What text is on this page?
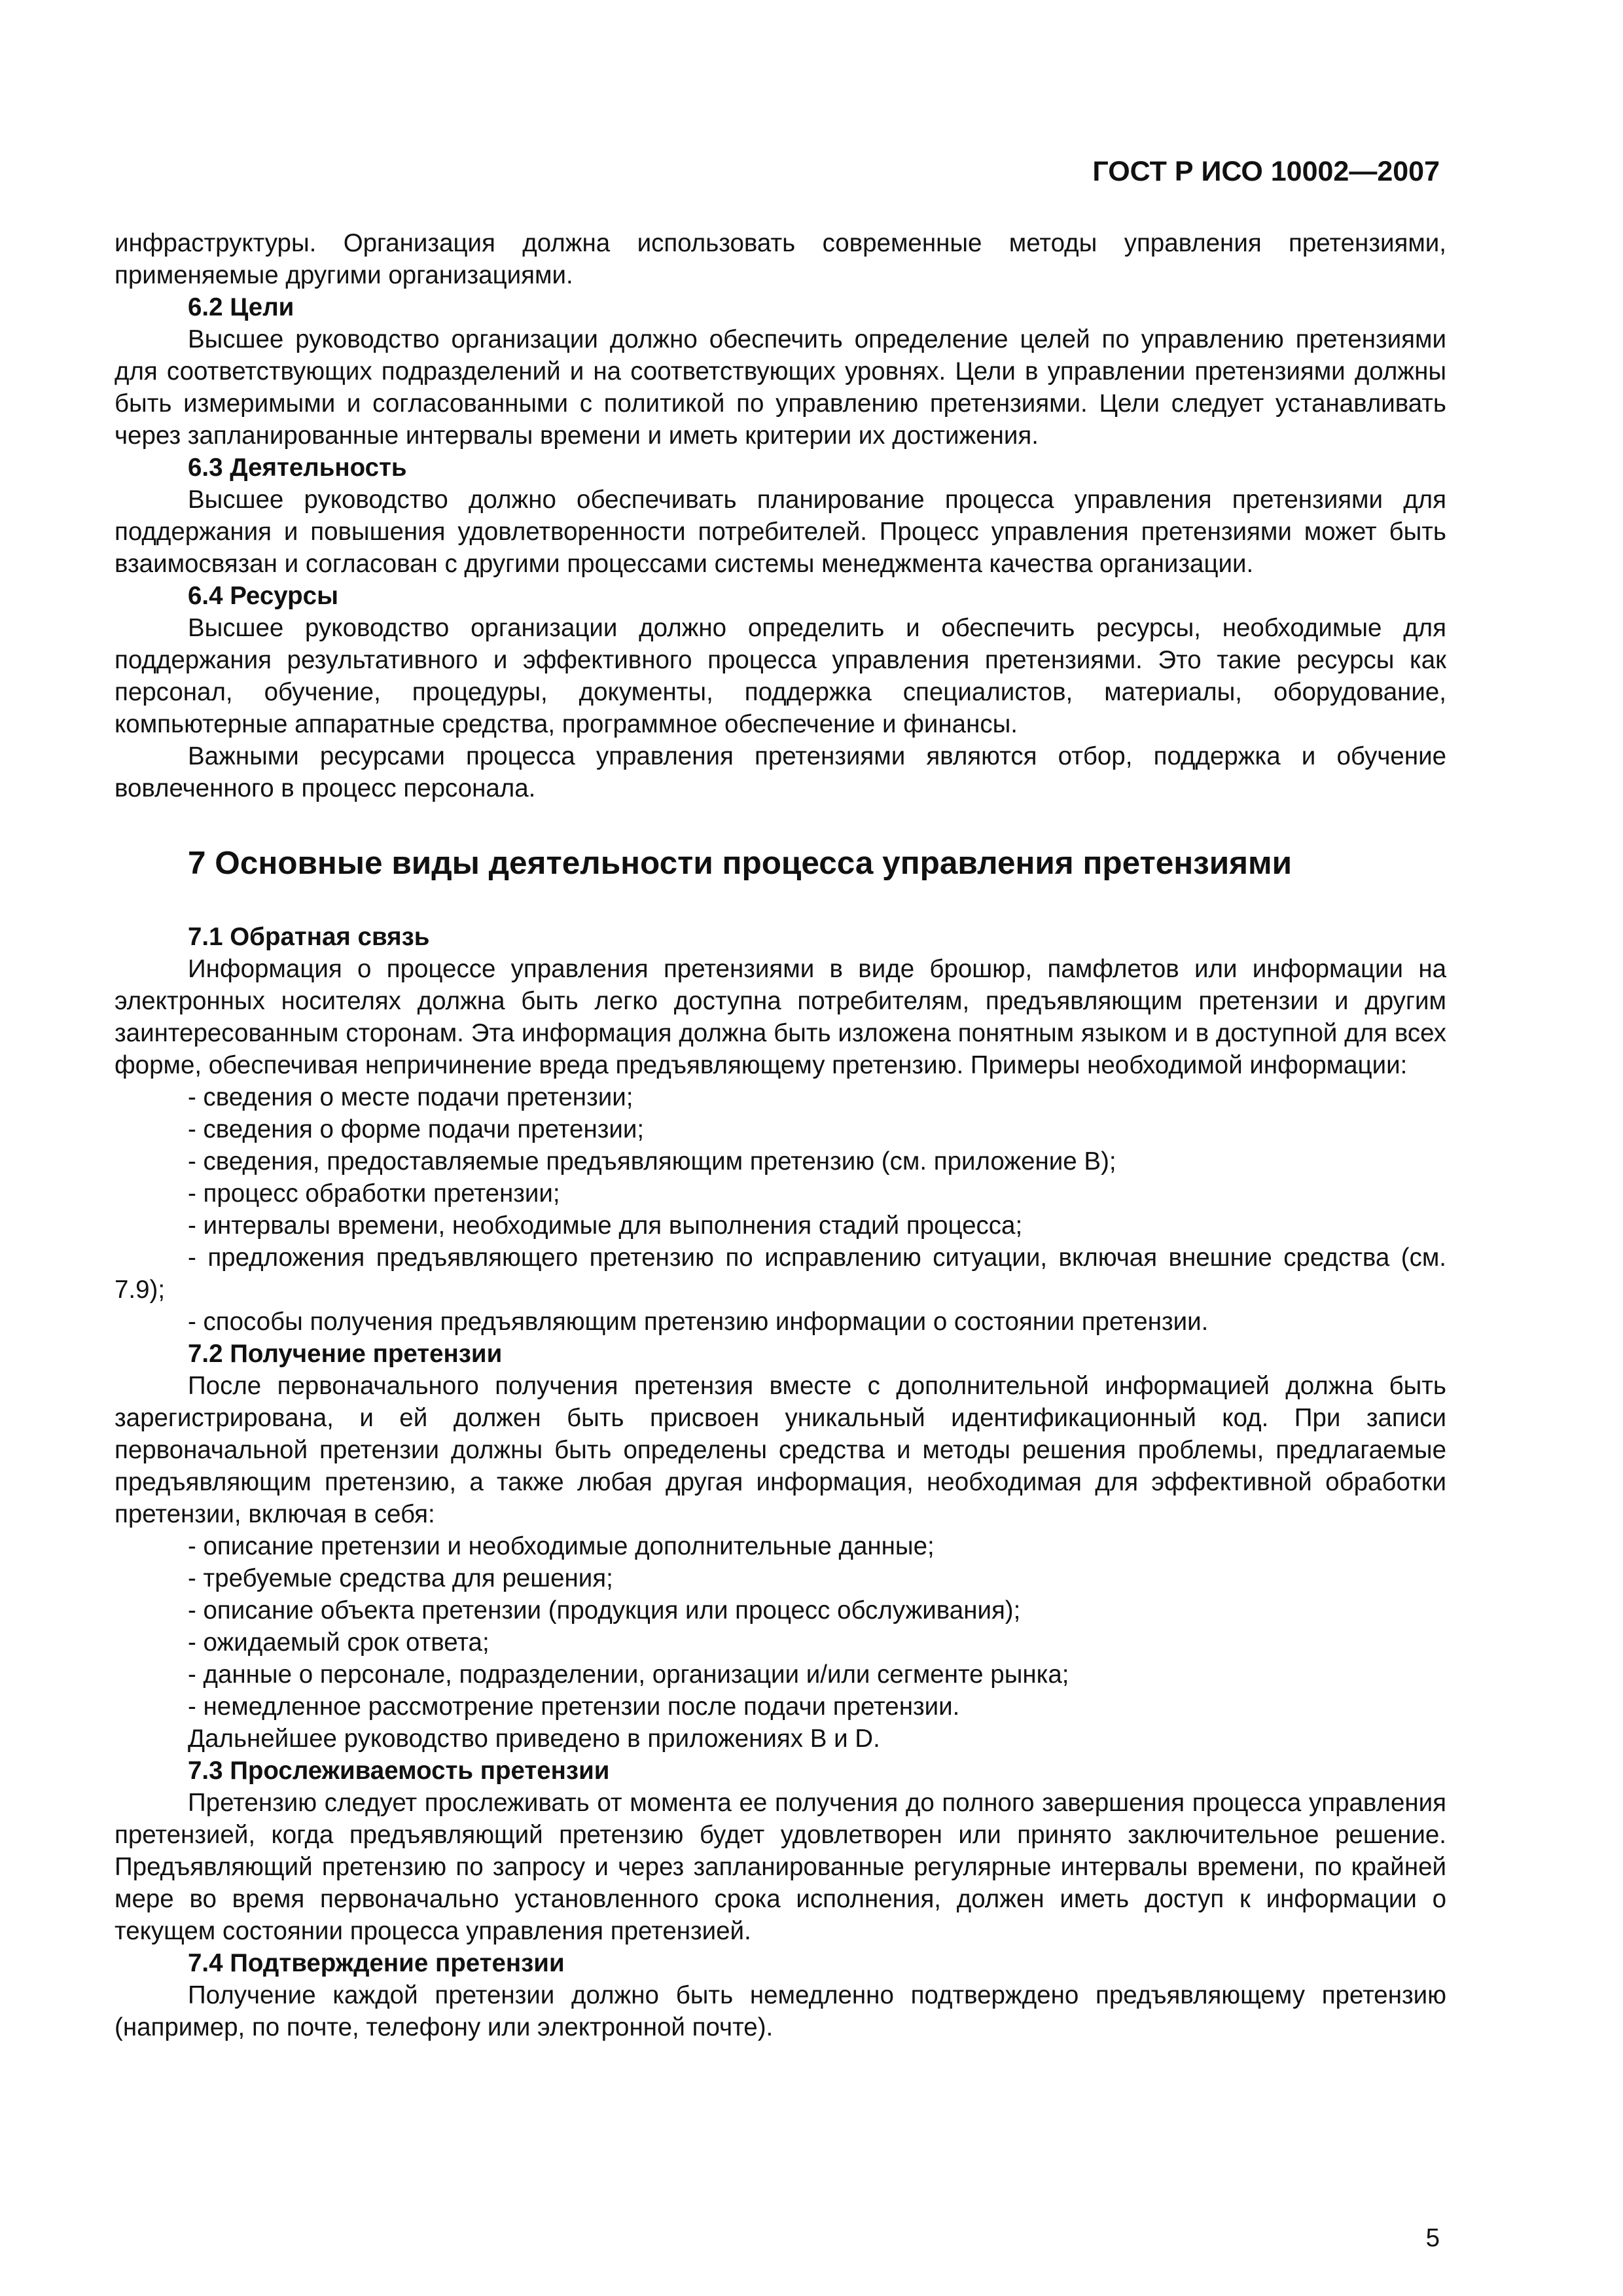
ГОСТ Р ИСО 10002—2007

инфраструктуры. Организация должна использовать современные методы управления претензиями, применяемые другими организациями.

6.2 Цели

Высшее руководство организации должно обеспечить определение целей по управлению претензиями для соответствующих подразделений и на соответствующих уровнях. Цели в управлении претензиями должны быть измеримыми и согласованными с политикой по управлению претензиями. Цели следует устанавливать через запланированные интервалы времени и иметь критерии их достижения.

6.3 Деятельность

Высшее руководство должно обеспечивать планирование процесса управления претензиями для поддержания и повышения удовлетворенности потребителей. Процесс управления претензиями может быть взаимосвязан и согласован с другими процессами системы менеджмента качества организации.

6.4 Ресурсы

Высшее руководство организации должно определить и обеспечить ресурсы, необходимые для поддержания результативного и эффективного процесса управления претензиями. Это такие ресурсы как персонал, обучение, процедуры, документы, поддержка специалистов, материалы, оборудование, компьютерные аппаратные средства, программное обеспечение и финансы.

Важными ресурсами процесса управления претензиями являются отбор, поддержка и обучение вовлеченного в процесс персонала.

7 Основные виды деятельности процесса управления претензиями

7.1 Обратная связь

Информация о процессе управления претензиями в виде брошюр, памфлетов или информации на электронных носителях должна быть легко доступна потребителям, предъявляющим претензии и другим заинтересованным сторонам. Эта информация должна быть изложена понятным языком и в доступной для всех форме, обеспечивая непричинение вреда предъявляющему претензию. Примеры необходимой информации:

- сведения о месте подачи претензии;

- сведения о форме подачи претензии;

- сведения, предоставляемые предъявляющим претензию (см. приложение B);

- процесс обработки претензии;

- интервалы времени, необходимые для выполнения стадий процесса;

- предложения предъявляющего претензию по исправлению ситуации, включая внешние средства (см. 7.9);

- способы получения предъявляющим претензию информации о состоянии претензии.

7.2 Получение претензии

После первоначального получения претензия вместе с дополнительной информацией должна быть зарегистрирована, и ей должен быть присвоен уникальный идентификационный код. При записи первоначальной претензии должны быть определены средства и методы решения проблемы, предлагаемые предъявляющим претензию, а также любая другая информация, необходимая для эффективной обработки претензии, включая в себя:

- описание претензии и необходимые дополнительные данные;

- требуемые средства для решения;

- описание объекта претензии (продукция или процесс обслуживания);

- ожидаемый срок ответа;

- данные о персонале, подразделении, организации и/или сегменте рынка;

- немедленное рассмотрение претензии после подачи претензии.

Дальнейшее руководство приведено в приложениях B и D.

7.3 Прослеживаемость претензии

Претензию следует прослеживать от момента ее получения до полного завершения процесса управления претензией, когда предъявляющий претензию будет удовлетворен или принято заключительное решение. Предъявляющий претензию по запросу и через запланированные регулярные интервалы времени, по крайней мере во время первоначально установленного срока исполнения, должен иметь доступ к информации о текущем состоянии процесса управления претензией.

7.4 Подтверждение претензии

Получение каждой претензии должно быть немедленно подтверждено предъявляющему претензию (например, по почте, телефону или электронной почте).

5
